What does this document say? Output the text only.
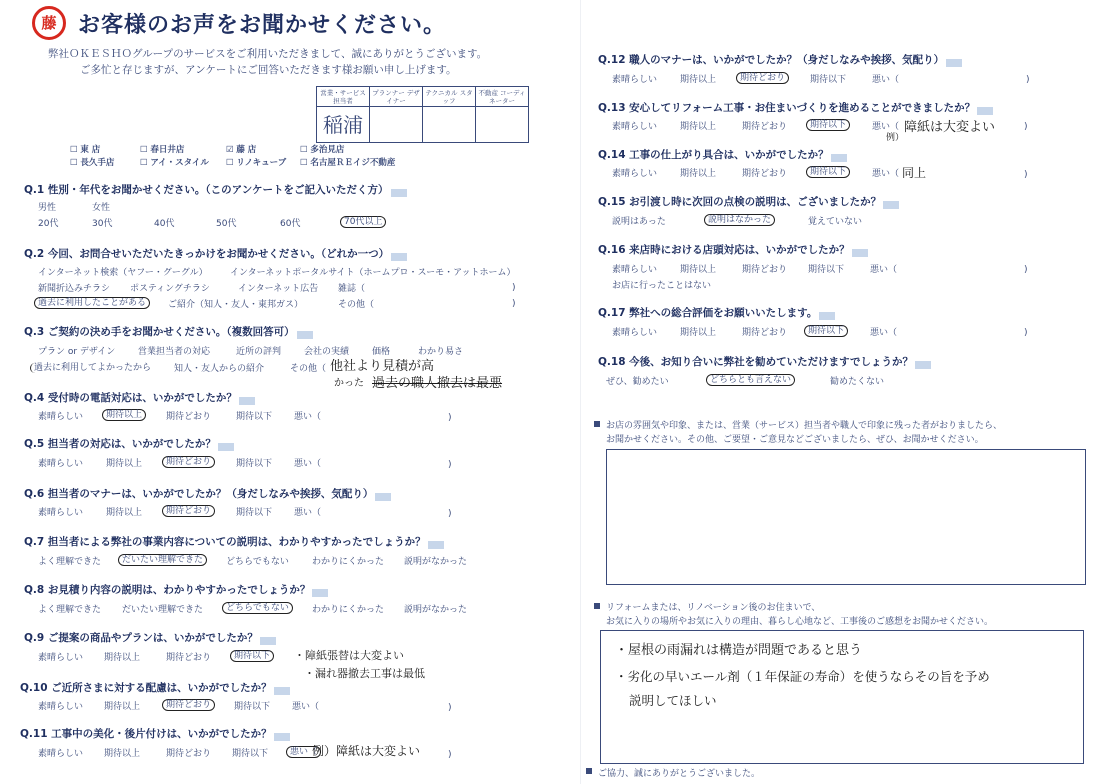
藤 お客様のお声をお聞かせください。
弊社ＯＫＥＳＨＯグループのサービスをご利用いただきまして、誠にありがとうございます。
ご多忙と存じますが、アンケートにご回答いただきます様お願い申し上げます。
営業・サービス 担当者	プランナー デザイナー	テクニカル スタッフ	不動産 コーディネーター
稲浦			
☐ 東 店	☐ 春日井店	☑ 藤 店	☐ 多治見店
☐ 長久手店	☐ アイ・スタイル ☐ リノキューブ ☐ 名古屋ＲＥイジ不動産
Q.1 性別・年代をお聞かせください。（このアンケートをご記入いただく方）
男性	女性
20代	30代	40代	50代	60代	70代以上
Q.2 今回、お問合せいただいたきっかけをお聞かせください。（どれか一つ）
インターネット検索（ヤフー・グーグル） インターネットポータルサイト（ホームプロ・スーモ・アットホーム）
新聞折込みチラシ ポスティングチラシ	インターネット広告 雑誌（	)
過去に利用したことがある	ご紹介（知人・友人・東邦ガス）	その他（	)
Q.3 ご契約の決め手をお聞かせください。（複数回答可）
プラン or デザイン	営業担当者の対応	近所の評判	会社の実績	価格	わかり易さ
過去に利用してよかったから	知人・友人からの紹介	その他（ 他社より見積が高
かった 過去の職人撤去は最悪
Q.4 受付時の電話対応は、いかがでしたか？
素晴らしい	期待以上	期待どおり	期待以下 悪い（	)
Q.5 担当者の対応は、いかがでしたか？
素晴らしい	期待以上	期待どおり	期待以下 悪い（	)
Q.6 担当者のマナーは、いかがでしたか？（身だしなみや挨拶、気配り）
素晴らしい	期待以上	期待どおり	期待以下 悪い（	)
Q.7 担当者による弊社の事業内容についての説明は、わかりやすかったでしょうか？
よく理解できた だいたい理解できた	どちらでもない	わかりにくかった 説明がなかった
Q.8 お見積り内容の説明は、わかりやすかったでしょうか？
よく理解できた だいたい理解できた	どちらでもない	わかりにくかった 説明がなかった
Q.9 ご提案の商品やプランは、いかがでしたか？
素晴らしい 期待以上	期待どおり	期待以下	・障紙張替は大変よい
・漏れ器撤去工事は最低
Q.10 ご近所さまに対する配慮は、いかがでしたか？
素晴らしい 期待以上	期待どおり	期待以下 悪い（	)
Q.11 工事中の美化・後片付けは、いかがでしたか？
素晴らしい 期待以上	期待どおり 期待以下 悪い（
例）障紙は大変よい	)
Q.12 職人のマナーは、いかがでしたか？（身だしなみや挨拶、気配り）
素晴らしい	期待以上	期待どおり	期待以下	悪い（	)
Q.13 安心してリフォーム工事・お住まいづくりを進めることができましたか？
素晴らしい	期待以上	期待どおり	期待以下	悪い（
例）
障紙は大変よい	)
Q.14 工事の仕上がり具合は、いかがでしたか？
素晴らしい	期待以上	期待どおり	期待以下	悪い（ 同上	)
Q.15 お引渡し時に次回の点検の説明は、ございましたか？
説明はあった	説明はなかった	覚えていない
Q.16 来店時における店頭対応は、いかがでしたか？
素晴らしい	期待以上	期待どおり 期待以下	悪い（	)
お店に行ったことはない
Q.17 弊社への総合評価をお願いいたします。
素晴らしい	期待以上	期待どおり 期待以下	悪い（	)
Q.18 今後、お知り合いに弊社を勧めていただけますでしょうか？
ぜひ、勧めたい	どちらとも言えない	勧めたくない
お店の雰囲気や印象、または、営業（サービス）担当者や職人で印象に残った者がおりましたら、
お聞かせください。その他、ご要望・ご意見などございましたら、ぜひ、お聞かせください。
リフォームまたは、リノベーション後のお住まいで、
お気に入りの場所やお気に入りの理由、暮らし心地など、工事後のご感想をお聞かせください。
・屋根の雨漏れは構造が問題であると思う
・劣化の早いエール剤（１年保証の寿命）を使うならその旨を予め
説明してほしい
ご協力、誠にありがとうございました。
